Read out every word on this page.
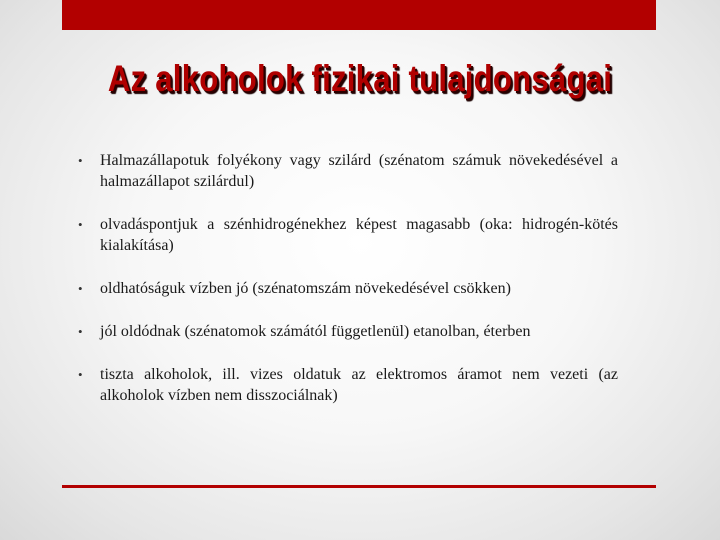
Az alkoholok fizikai tulajdonságai
• Halmazállapotuk folyékony vagy szilárd (szénatom számuk növekedésével a halmazállapot szilárdul)
• olvadáspontjuk a szénhidrogénekhez képest magasabb (oka: hidrogén-kötés kialakítása)
• oldhatóságuk vízben jó (szénatomszám növekedésével csökken)
• jól oldódnak (szénatomok számától függetlenül) etanolban, éterben
• tiszta alkoholok, ill. vizes oldatuk az elektromos áramot nem vezeti (az alkoholok vízben nem disszociálnak)
